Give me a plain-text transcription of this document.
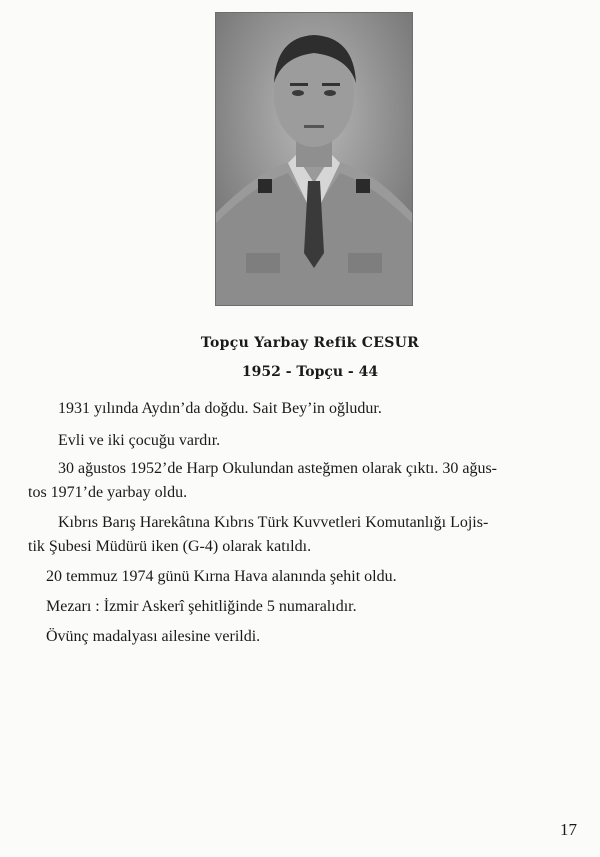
Topçu Yarbay Refik CESUR
1952 - Topçu - 44
1931 yılında Aydın’da doğdu. Sait Bey’in oğludur.
Evli ve iki çocuğu vardır.
30 ağustos 1952’de Harp Okulundan asteğmen olarak çıktı. 30 ağus-
tos 1971’de yarbay oldu.
Kıbrıs Barış Harekâtına Kıbrıs Türk Kuvvetleri Komutanlığı Lojis-
tik Şubesi Müdürü iken (G-4) olarak katıldı.
20 temmuz 1974 günü Kırna Hava alanında şehit oldu.
Mezarı : İzmir Askerî şehitliğinde 5 numaralıdır.
Övünç madalyası ailesine verildi.
17
